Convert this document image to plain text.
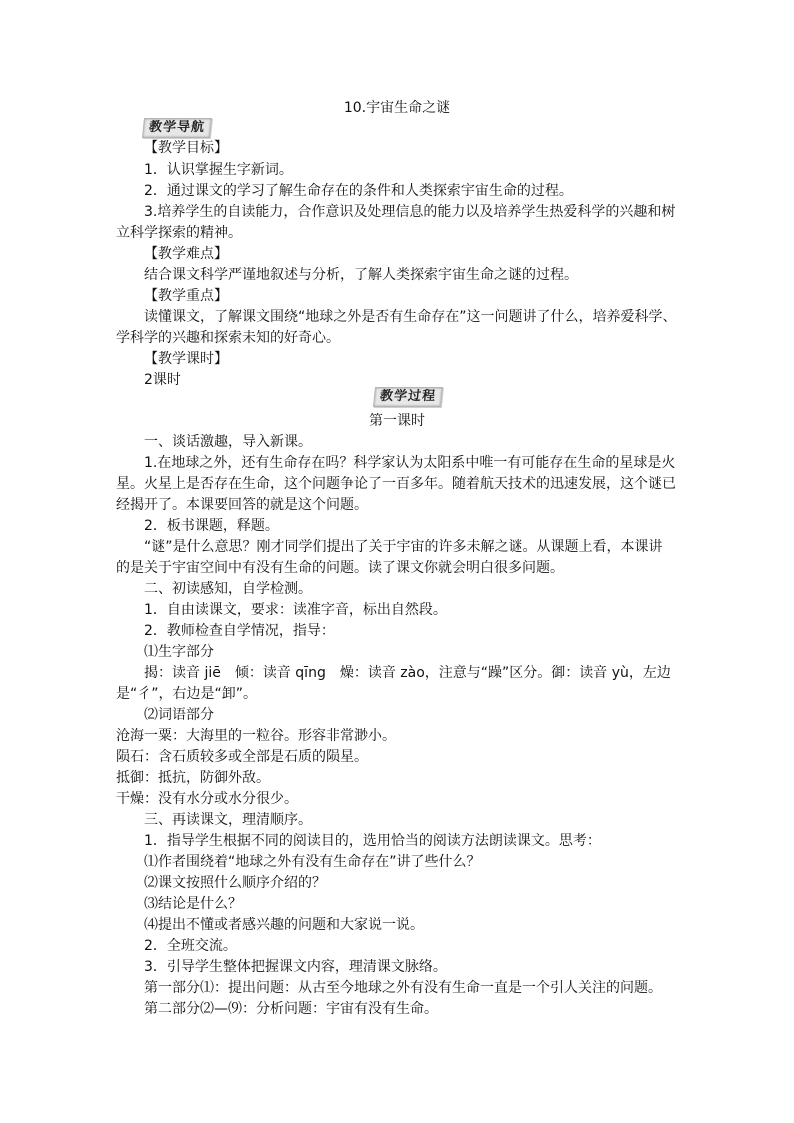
10.宇宙生命之谜
教学导航
【教学目标】
1．认识掌握生字新词。
2．通过课文的学习了解生命存在的条件和人类探索宇宙生命的过程。
3.培养学生的自读能力，合作意识及处理信息的能力以及培养学生热爱科学的兴趣和树
立科学探索的精神。
【教学难点】
结合课文科学严谨地叙述与分析，了解人类探索宇宙生命之谜的过程。
【教学重点】
读懂课文，了解课文围绕“地球之外是否有生命存在”这一问题讲了什么，培养爱科学、
学科学的兴趣和探索未知的好奇心。
【教学课时】
2课时
教学过程
第一课时
一、谈话激趣，导入新课。
1.在地球之外，还有生命存在吗？科学家认为太阳系中唯一有可能存在生命的星球是火
星。火星上是否存在生命，这个问题争论了一百多年。随着航天技术的迅速发展，这个谜已
经揭开了。本课要回答的就是这个问题。
2．板书课题，释题。
“谜”是什么意思？刚才同学们提出了关于宇宙的许多未解之谜。从课题上看，本课讲
的是关于宇宙空间中有没有生命的问题。读了课文你就会明白很多问题。
二、初读感知，自学检测。
1．自由读课文，要求：读准字音，标出自然段。
2．教师检查自学情况，指导：
⑴生字部分
揭：读音 jiē　倾：读音 qīng　燥：读音 zào，注意与“躁”区分。御：读音 yù，左边
是“彳”，右边是“卸”。
⑵词语部分
沧海一粟：大海里的一粒谷。形容非常渺小。
陨石：含石质较多或全部是石质的陨星。
抵御：抵抗，防御外敌。
干燥：没有水分或水分很少。
三、再读课文，理清顺序。
1．指导学生根据不同的阅读目的，选用恰当的阅读方法朗读课文。思考：
⑴作者围绕着“地球之外有没有生命存在”讲了些什么？
⑵课文按照什么顺序介绍的？
⑶结论是什么？
⑷提出不懂或者感兴趣的问题和大家说一说。
2．全班交流。
3．引导学生整体把握课文内容，理清课文脉络。
第一部分⑴：提出问题：从古至今地球之外有没有生命一直是一个引人关注的问题。
第二部分⑵—⑼：分析问题：宇宙有没有生命。
